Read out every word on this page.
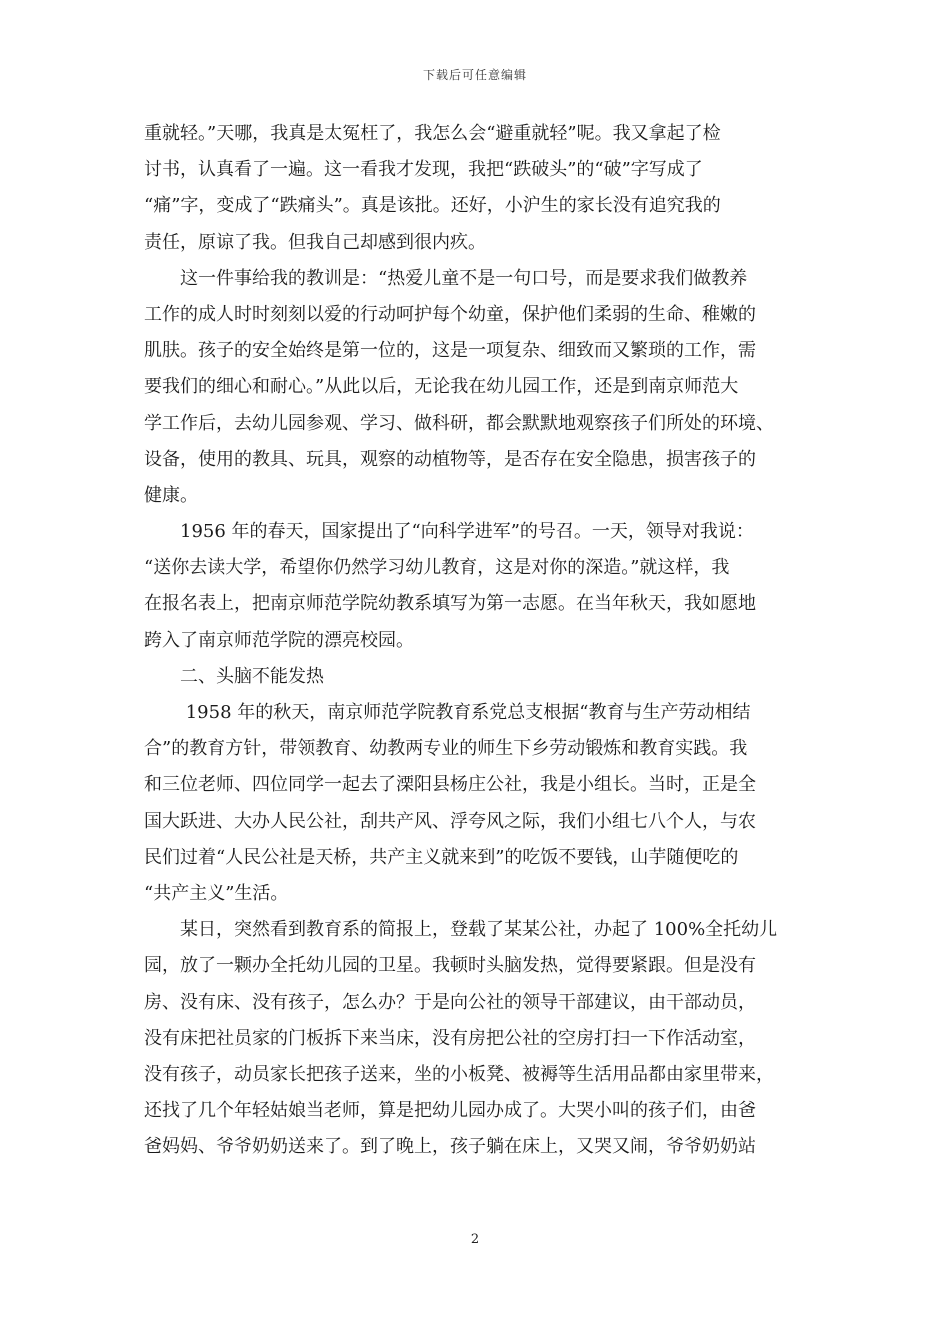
下载后可任意编辑
重就轻。”天哪，我真是太冤枉了，我怎么会“避重就轻”呢。我又拿起了检
讨书，认真看了一遍。这一看我才发现，我把“跌破头”的“破”字写成了
“痛”字，变成了“跌痛头”。真是该批。还好，小沪生的家长没有追究我的
责任，原谅了我。但我自己却感到很内疚。
　　这一件事给我的教训是：“热爱儿童不是一句口号，而是要求我们做教养
工作的成人时时刻刻以爱的行动呵护每个幼童，保护他们柔弱的生命、稚嫩的
肌肤。孩子的安全始终是第一位的，这是一项复杂、细致而又繁琐的工作，需
要我们的细心和耐心。”从此以后，无论我在幼儿园工作，还是到南京师范大
学工作后，去幼儿园参观、学习、做科研，都会默默地观察孩子们所处的环境、
设备，使用的教具、玩具，观察的动植物等，是否存在安全隐患，损害孩子的
健康。
　　1956 年的春天，国家提出了“向科学进军”的号召。一天，领导对我说：
“送你去读大学，希望你仍然学习幼儿教育，这是对你的深造。”就这样，我
在报名表上，把南京师范学院幼教系填写为第一志愿。在当年秋天，我如愿地
跨入了南京师范学院的漂亮校园。
　　二、头脑不能发热
　　 1958 年的秋天，南京师范学院教育系党总支根据“教育与生产劳动相结
合”的教育方针，带领教育、幼教两专业的师生下乡劳动锻炼和教育实践。我
和三位老师、四位同学一起去了溧阳县杨庄公社，我是小组长。当时，正是全
国大跃进、大办人民公社，刮共产风、浮夸风之际，我们小组七八个人，与农
民们过着“人民公社是天桥，共产主义就来到”的吃饭不要钱，山芋随便吃的
“共产主义”生活。
　　某日，突然看到教育系的简报上，登载了某某公社，办起了 100%全托幼儿
园，放了一颗办全托幼儿园的卫星。我顿时头脑发热，觉得要紧跟。但是没有
房、没有床、没有孩子，怎么办？于是向公社的领导干部建议，由干部动员，
没有床把社员家的门板拆下来当床，没有房把公社的空房打扫一下作活动室，
没有孩子，动员家长把孩子送来，坐的小板凳、被褥等生活用品都由家里带来，
还找了几个年轻姑娘当老师，算是把幼儿园办成了。大哭小叫的孩子们，由爸
爸妈妈、爷爷奶奶送来了。到了晚上，孩子躺在床上，又哭又闹，爷爷奶奶站
2
